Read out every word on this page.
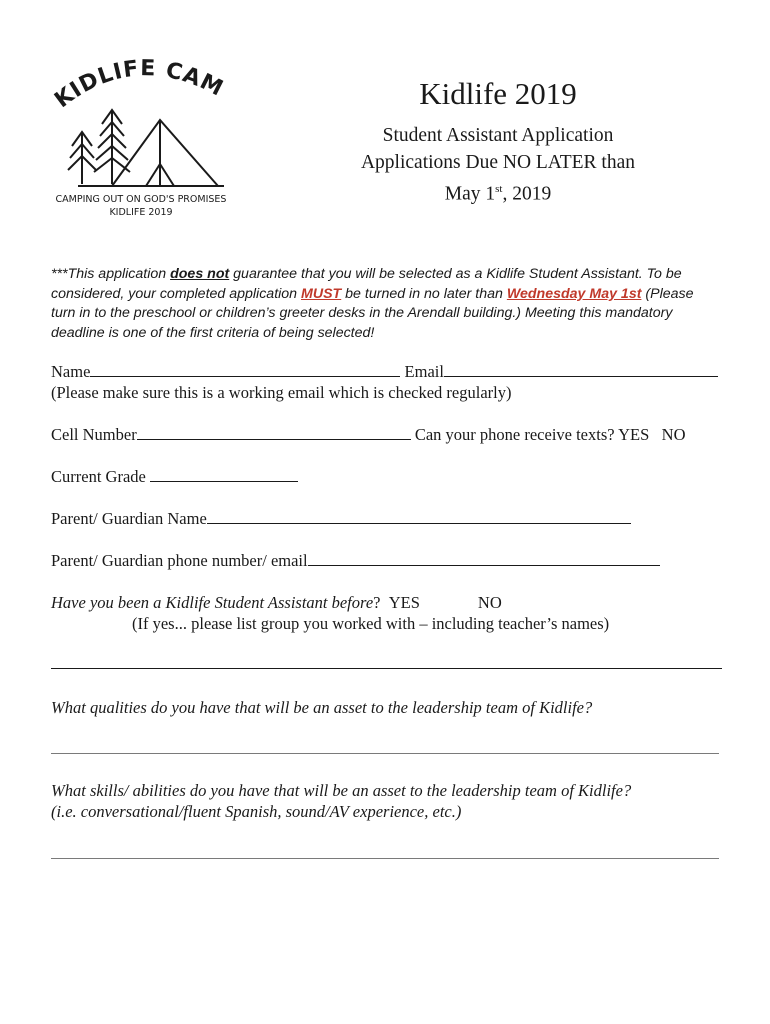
KIDLIFE CAM
CAMPING OUT ON GOD'S PROMISES
KIDLIFE 2019
Kidlife 2019

Student Assistant Application

Applications Due NO LATER than

May 1st, 2019

***This application does not guarantee that you will be selected as a Kidlife Student Assistant. To be considered, your completed application MUST be turned in no later than Wednesday May 1st (Please turn in to the preschool or children’s greeter desks in the Arendall building.) Meeting this mandatory deadline is one of the first criteria of being selected!
Name	Email
(Please make sure this is a working email which is checked regularly)
Cell Number	Can your phone receive texts? YES NO
Current Grade
Parent/ Guardian Name
Parent/ Guardian phone number/ email
Have you been a Kidlife Student Assistant before? YES	NO
(If yes... please list group you worked with – including teacher’s names)
What qualities do you have that will be an asset to the leadership team of Kidlife?
What skills/ abilities do you have that will be an asset to the leadership team of Kidlife?
(i.e. conversational/fluent Spanish, sound/AV experience, etc.)
